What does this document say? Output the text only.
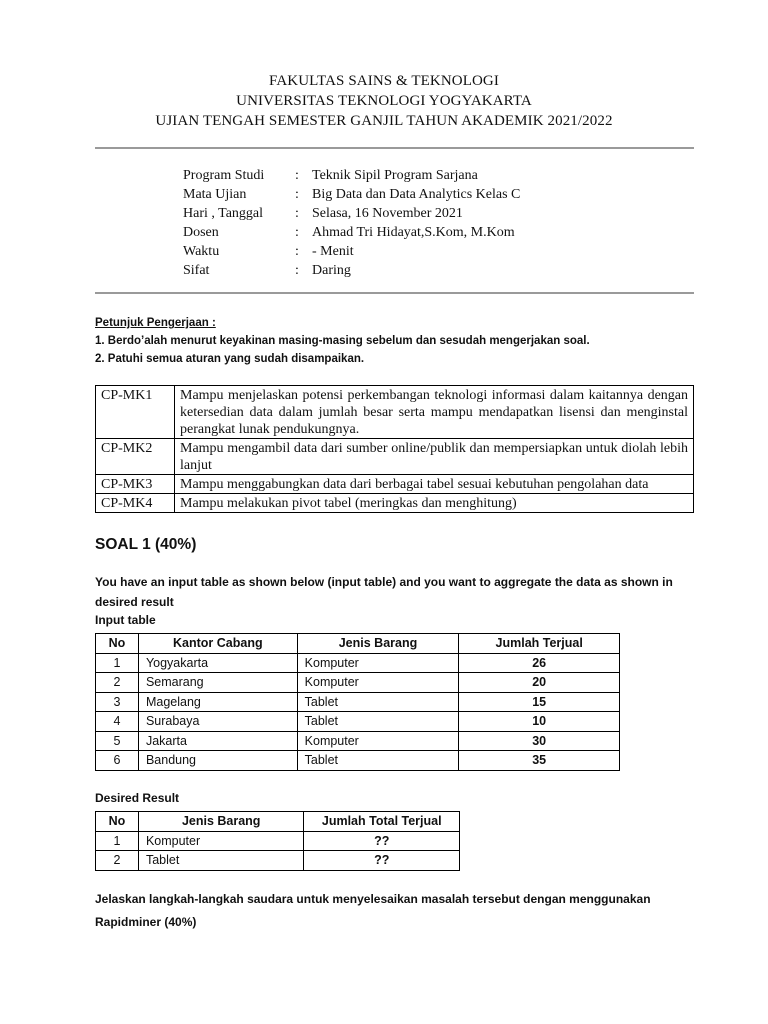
FAKULTAS SAINS & TEKNOLOGI
UNIVERSITAS TEKNOLOGI YOGYAKARTA
UJIAN TENGAH SEMESTER GANJIL TAHUN AKADEMIK 2021/2022
Program Studi	: Teknik Sipil Program Sarjana
Mata Ujian	: Big Data dan Data Analytics Kelas C
Hari , Tanggal	: Selasa, 16 November 2021
Dosen	: Ahmad Tri Hidayat,S.Kom, M.Kom
Waktu	: - Menit
Sifat	: Daring
Petunjuk Pengerjaan :
1. Berdo’alah menurut keyakinan masing-masing sebelum dan sesudah mengerjakan soal.
2. Patuhi semua aturan yang sudah disampaikan.
CP-MK1	Mampu menjelaskan potensi perkembangan teknologi informasi dalam kaitannya dengan ketersedian data dalam jumlah besar serta mampu mendapatkan lisensi dan menginstal perangkat lunak pendukungnya.
CP-MK2	Mampu mengambil data dari sumber online/publik dan mempersiapkan untuk diolah lebih lanjut
CP-MK3	Mampu menggabungkan data dari berbagai tabel sesuai kebutuhan pengolahan data
CP-MK4	Mampu melakukan pivot tabel (meringkas dan menghitung)
SOAL 1 (40%)
You have an input table as shown below (input table) and you want to aggregate the data as shown in desired result
Input table
No	Kantor Cabang	Jenis Barang	Jumlah Terjual
1	Yogyakarta	Komputer	26
2	Semarang	Komputer	20
3	Magelang	Tablet	15
4	Surabaya	Tablet	10
5	Jakarta	Komputer	30
6	Bandung	Tablet	35
Desired Result
No	Jenis Barang	Jumlah Total Terjual
1	Komputer	??
2	Tablet	??
Jelaskan langkah-langkah saudara untuk menyelesaikan masalah tersebut dengan menggunakan Rapidminer (40%)
